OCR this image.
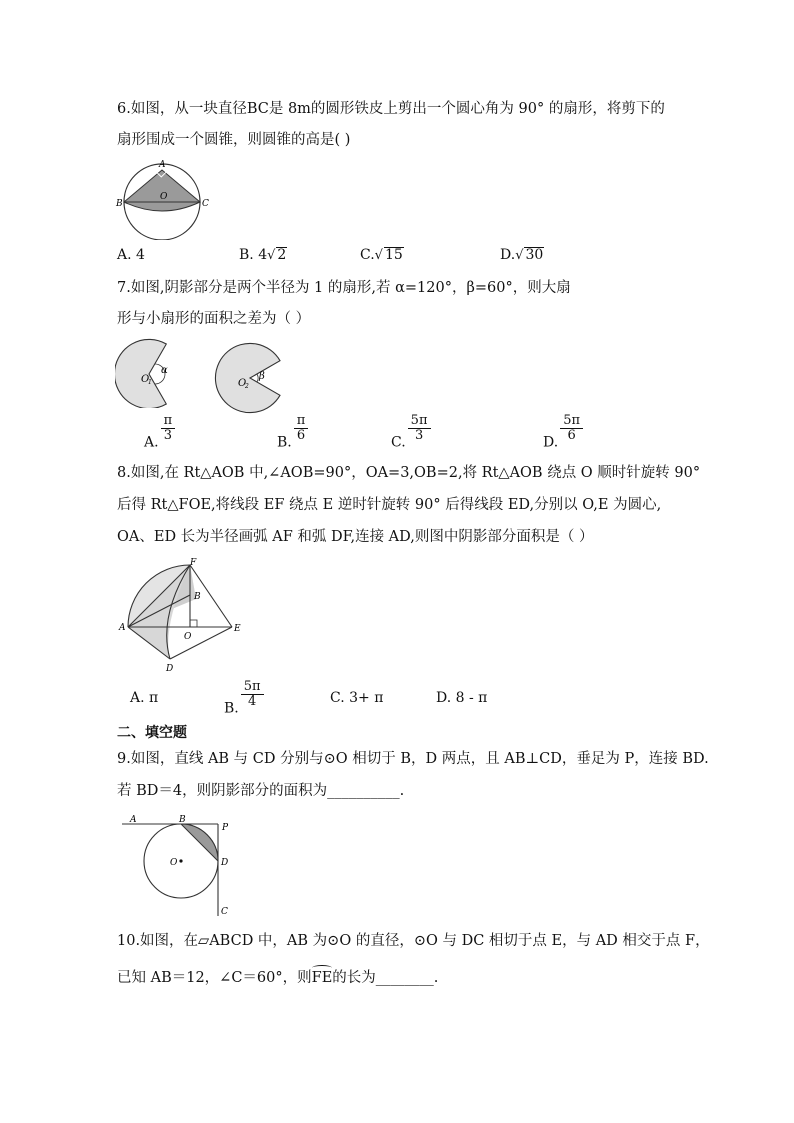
6.如图，从一块直径BC是 8m的圆形铁皮上剪出一个圆心角为 90° 的扇形，将剪下的
扇形围成一个圆锥，则圆锥的高是( )
A
B	C
O
A. 4	B. 4√ 2	C.√ 15	D.√ 30
7.如图,阴影部分是两个半径为 1 的扇形,若 α=120°，β=60°，则大扇
形与小扇形的面积之差为（ ）
O
1
α
O
2
β
A. $\frac{\pi}{3}$	B. $\frac{\pi}{6}$	C. $\frac{5\pi}{3}$	D. $\frac{5\pi}{6}$
8.如图,在 Rt△AOB 中,∠AOB=90°，OA=3,OB=2,将 Rt△AOB 绕点 O 顺时针旋转 90°
后得 Rt△FOE,将线段 EF 绕点 E 逆时针旋转 90° 后得线段 ED,分别以 O,E 为圆心,
OA、ED 长为半径画弧 AF 和弧 DF,连接 AD,则图中阴影部分面积是（ ）
F
B
A
O
E
D
A. π
B. $\frac{5\pi}{4}$	C. 3+ π	D. 8 - π
二、填空题
9.如图，直线 AB 与 CD 分别与⊙O 相切于 B，D 两点，且 AB⊥CD，垂足为 P，连接 BD.
若 BD＝4，则阴影部分的面积为__________.
A	B
P
O	D
C
10.如图，在▱ABCD 中，AB 为⊙O 的直径，⊙O 与 DC 相切于点 E，与 AD 相交于点 F，
已知 AB＝12，∠C＝60°，则FE的长为________.
